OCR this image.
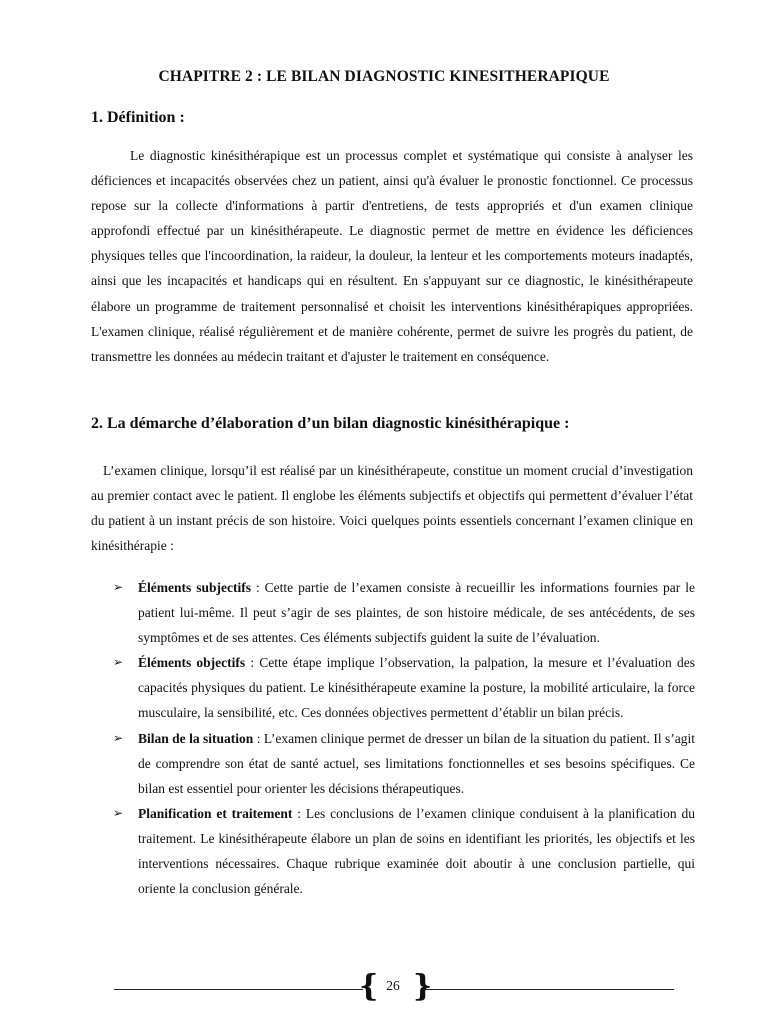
CHAPITRE 2 : LE BILAN DIAGNOSTIC KINESITHERAPIQUE
1. Définition :

Le diagnostic kinésithérapique est un processus complet et systématique qui consiste à analyser les déficiences et incapacités observées chez un patient, ainsi qu'à évaluer le pronostic fonctionnel. Ce processus repose sur la collecte d'informations à partir d'entretiens, de tests appropriés et d'un examen clinique approfondi effectué par un kinésithérapeute. Le diagnostic permet de mettre en évidence les déficiences physiques telles que l'incoordination, la raideur, la douleur, la lenteur et les comportements moteurs inadaptés, ainsi que les incapacités et handicaps qui en résultent. En s'appuyant sur ce diagnostic, le kinésithérapeute élabore un programme de traitement personnalisé et choisit les interventions kinésithérapiques appropriées. L'examen clinique, réalisé régulièrement et de manière cohérente, permet de suivre les progrès du patient, de transmettre les données au médecin traitant et d'ajuster le traitement en conséquence.

2. La démarche d’élaboration d’un bilan diagnostic kinésithérapique :

L’examen clinique, lorsqu’il est réalisé par un kinésithérapeute, constitue un moment crucial d’investigation au premier contact avec le patient. Il englobe les éléments subjectifs et objectifs qui permettent d’évaluer l’état du patient à un instant précis de son histoire. Voici quelques points essentiels concernant l’examen clinique en kinésithérapie :

➢ Éléments subjectifs : Cette partie de l’examen consiste à recueillir les informations fournies par le patient lui-même. Il peut s’agir de ses plaintes, de son histoire médicale, de ses antécédents, de ses symptômes et de ses attentes. Ces éléments subjectifs guident la suite de l’évaluation.
➢ Éléments objectifs : Cette étape implique l’observation, la palpation, la mesure et l’évaluation des capacités physiques du patient. Le kinésithérapeute examine la posture, la mobilité articulaire, la force musculaire, la sensibilité, etc. Ces données objectives permettent d’établir un bilan précis.
➢ Bilan de la situation : L’examen clinique permet de dresser un bilan de la situation du patient. Il s’agit de comprendre son état de santé actuel, ses limitations fonctionnelles et ses besoins spécifiques. Ce bilan est essentiel pour orienter les décisions thérapeutiques.
➢ Planification et traitement : Les conclusions de l’examen clinique conduisent à la planification du traitement. Le kinésithérapeute élabore un plan de soins en identifiant les priorités, les objectifs et les interventions nécessaires. Chaque rubrique examinée doit aboutir à une conclusion partielle, qui oriente la conclusion générale.
{ 26 }
